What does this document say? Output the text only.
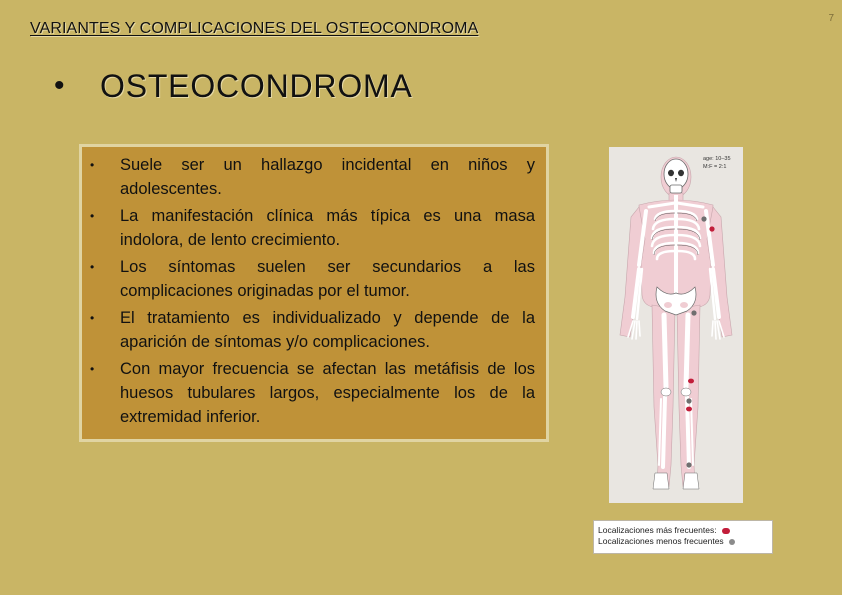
7
VARIANTES Y COMPLICACIONES DEL OSTEOCONDROMA
• OSTEOCONDROMA
• Suele ser un hallazgo incidental en niños y adolescentes.
• La manifestación clínica más típica es una masa indolora, de lento crecimiento.
• Los síntomas suelen ser secundarios a las complicaciones originadas por el tumor.
• El tratamiento es individualizado y depende de la aparición de síntomas y/o complicaciones.
• Con mayor frecuencia se afectan las metáfisis de los huesos tubulares largos, especialmente los de la extremidad inferior.
age: 10–35
M:F = 2:1
Localizaciones más frecuentes:
Localizaciones menos frecuentes
